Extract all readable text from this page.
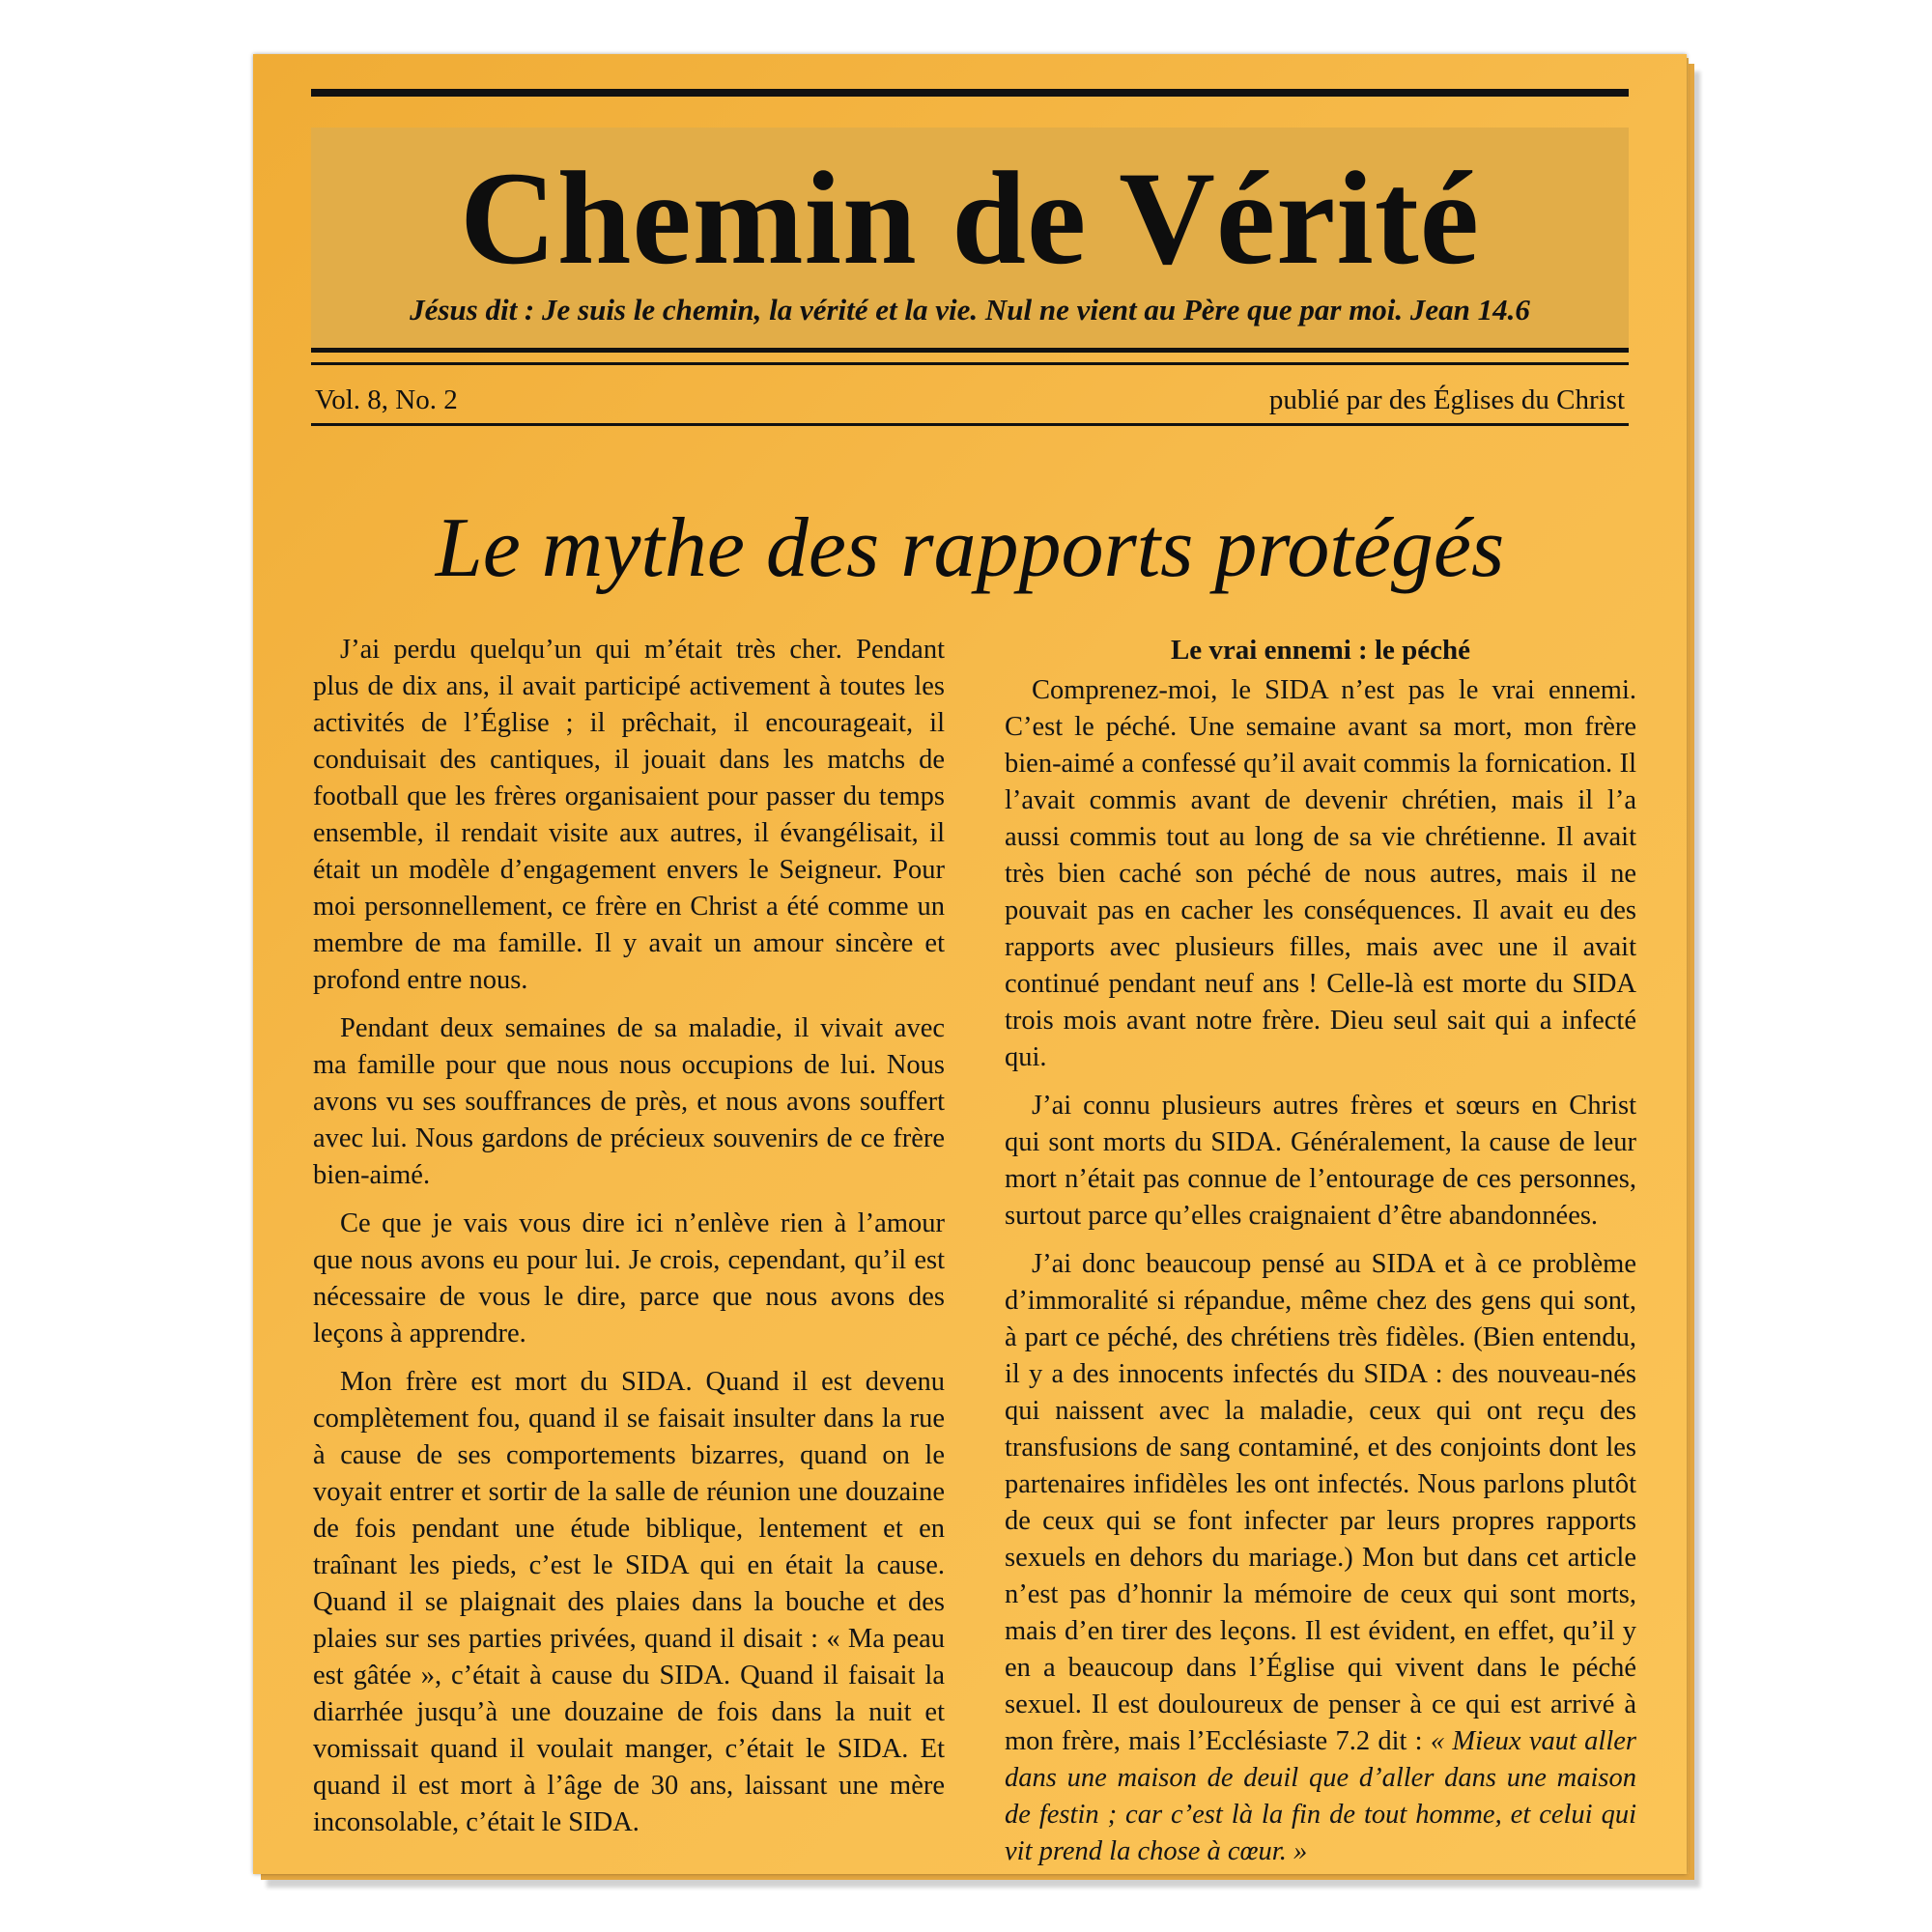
Chemin de Vérité
Jésus dit : Je suis le chemin, la vérité et la vie. Nul ne vient au Père que par moi. Jean 14.6
Vol. 8, No. 2	publié par des Églises du Christ
Le mythe des rapports protégés

J’ai perdu quelqu’un qui m’était très cher. Pendant plus de dix ans, il avait participé activement à toutes les activités de l’Église ; il prêchait, il encourageait, il conduisait des cantiques, il jouait dans les matchs de football que les frères organisaient pour passer du temps ensemble, il rendait visite aux autres, il évangélisait, il était un modèle d’engagement envers le Seigneur. Pour moi personnellement, ce frère en Christ a été comme un membre de ma famille. Il y avait un amour sincère et profond entre nous.

Pendant deux semaines de sa maladie, il vivait avec ma famille pour que nous nous occupions de lui. Nous avons vu ses souffrances de près, et nous avons souffert avec lui. Nous gardons de précieux souvenirs de ce frère bien-aimé.

Ce que je vais vous dire ici n’enlève rien à l’amour que nous avons eu pour lui. Je crois, cependant, qu’il est nécessaire de vous le dire, parce que nous avons des leçons à apprendre.

Mon frère est mort du SIDA. Quand il est devenu complètement fou, quand il se faisait insulter dans la rue à cause de ses comportements bizarres, quand on le voyait entrer et sortir de la salle de réunion une douzaine de fois pendant une étude biblique, lentement et en traînant les pieds, c’est le SIDA qui en était la cause. Quand il se plaignait des plaies dans la bouche et des plaies sur ses parties privées, quand il disait : « Ma peau est gâtée », c’était à cause du SIDA. Quand il faisait la diarrhée jusqu’à une douzaine de fois dans la nuit et vomissait quand il voulait manger, c’était le SIDA. Et quand il est mort à l’âge de 30 ans, laissant une mère inconsolable, c’était le SIDA.

Le vrai ennemi : le péché

Comprenez-moi, le SIDA n’est pas le vrai ennemi. C’est le péché. Une semaine avant sa mort, mon frère bien-aimé a confessé qu’il avait commis la fornication. Il l’avait commis avant de devenir chrétien, mais il l’a aussi commis tout au long de sa vie chrétienne. Il avait très bien caché son péché de nous autres, mais il ne pouvait pas en cacher les conséquences. Il avait eu des rapports avec plusieurs filles, mais avec une il avait continué pendant neuf ans ! Celle-là est morte du SIDA trois mois avant notre frère. Dieu seul sait qui a infecté qui.

J’ai connu plusieurs autres frères et sœurs en Christ qui sont morts du SIDA. Généralement, la cause de leur mort n’était pas connue de l’entourage de ces personnes, surtout parce qu’elles craignaient d’être abandonnées.

J’ai donc beaucoup pensé au SIDA et à ce problème d’immoralité si répandue, même chez des gens qui sont, à part ce péché, des chrétiens très fidèles. (Bien entendu, il y a des innocents infectés du SIDA : des nouveau-nés qui naissent avec la maladie, ceux qui ont reçu des transfusions de sang contaminé, et des conjoints dont les partenaires infidèles les ont infectés. Nous parlons plutôt de ceux qui se font infecter par leurs propres rapports sexuels en dehors du mariage.) Mon but dans cet article n’est pas d’honnir la mémoire de ceux qui sont morts, mais d’en tirer des leçons. Il est évident, en effet, qu’il y en a beaucoup dans l’Église qui vivent dans le péché sexuel. Il est douloureux de penser à ce qui est arrivé à mon frère, mais l’Ecclésiaste 7.2 dit : « Mieux vaut aller dans une maison de deuil que d’aller dans une maison de festin ; car c’est là la fin de tout homme, et celui qui vit prend la chose à cœur. »
